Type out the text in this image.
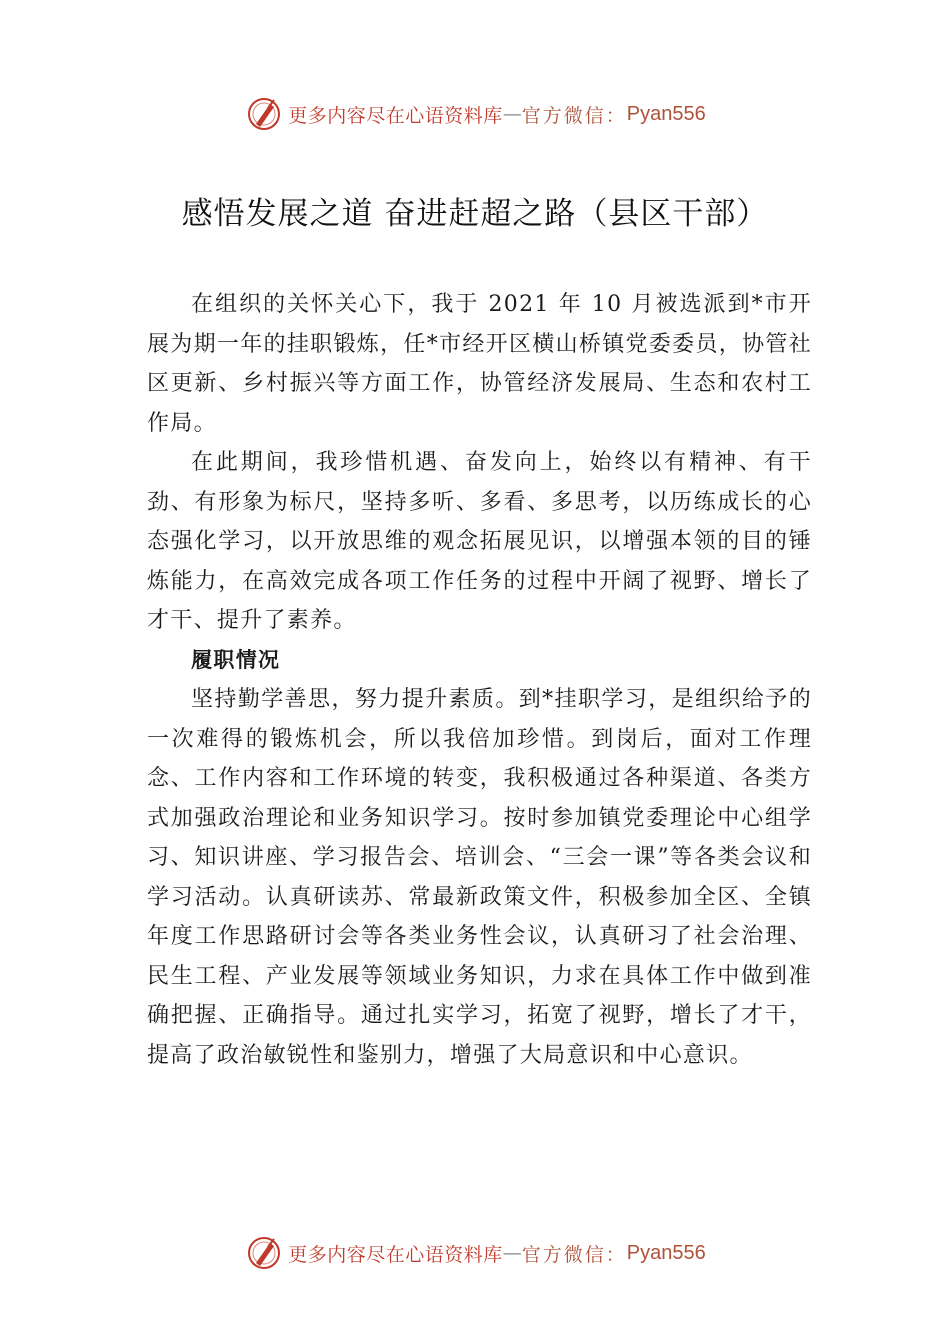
更多内容尽在心语资料库 — 官方微信： Pyan556
感悟发展之道 奋进赶超之路（县区干部）

在组织的关怀关心下，我于 2021 年 10 月被选派到*市开展为期一年的挂职锻炼，任*市经开区横山桥镇党委委员，协管社区更新、乡村振兴等方面工作，协管经济发展局、生态和农村工作局。

在此期间，我珍惜机遇、奋发向上，始终以有精神、有干劲、有形象为标尺，坚持多听、多看、多思考，以历练成长的心态强化学习，以开放思维的观念拓展见识，以增强本领的目的锤炼能力，在高效完成各项工作任务的过程中开阔了视野、增长了才干、提升了素养。

履职情况

坚持勤学善思，努力提升素质。到*挂职学习，是组织给予的一次难得的锻炼机会，所以我倍加珍惜。到岗后，面对工作理念、工作内容和工作环境的转变，我积极通过各种渠道、各类方式加强政治理论和业务知识学习。按时参加镇党委理论中心组学习、知识讲座、学习报告会、培训会、“三会一课”等各类会议和学习活动。认真研读苏、常最新政策文件，积极参加全区、全镇年度工作思路研讨会等各类业务性会议，认真研习了社会治理、民生工程、产业发展等领域业务知识，力求在具体工作中做到准确把握、正确指导。通过扎实学习，拓宽了视野，增长了才干，提高了政治敏锐性和鉴别力，增强了大局意识和中心意识。

更多内容尽在心语资料库 — 官方微信： Pyan556
